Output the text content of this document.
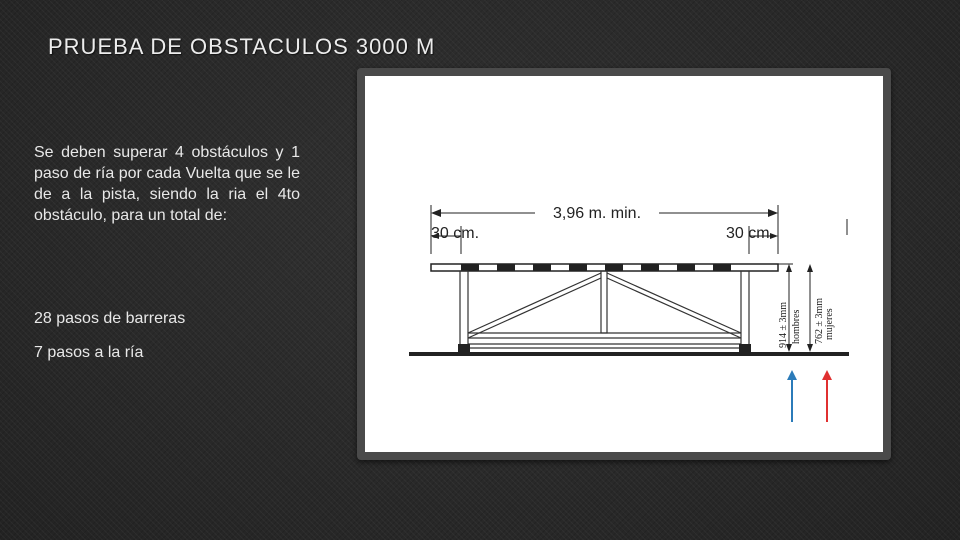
PRUEBA DE OBSTACULOS 3000 M

Se deben superar 4 obstáculos y 1 paso de ría por cada Vuelta que se le de a la pista, siendo la ria el 4to obstáculo, para un total de:

28 pasos de barreras

7 pasos a la ría

3,96 m. min.
30 cm.	30 cm.
914 ± 3mm hombres 762 ± 3mm mujeres
